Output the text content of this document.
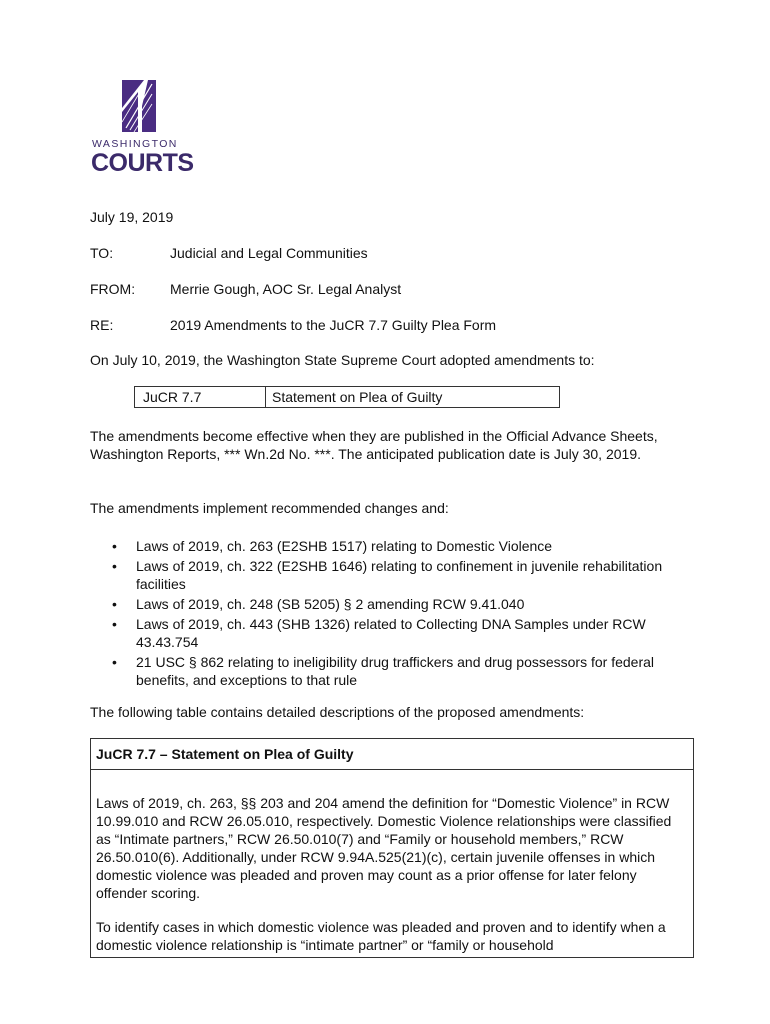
WASHINGTON
COURTS
July 19, 2019
TO:	Judicial and Legal Communities
FROM: Merrie Gough, AOC Sr. Legal Analyst
RE:	2019 Amendments to the JuCR 7.7 Guilty Plea Form
On July 10, 2019, the Washington State Supreme Court adopted amendments to:
JuCR 7.7	Statement on Plea of Guilty
The amendments become effective when they are published in the Official Advance Sheets, Washington Reports, *** Wn.2d No. ***. The anticipated publication date is July 30, 2019.
The amendments implement recommended changes and:
• Laws of 2019, ch. 263 (E2SHB 1517) relating to Domestic Violence
• Laws of 2019, ch. 322 (E2SHB 1646) relating to confinement in juvenile rehabilitation facilities
• Laws of 2019, ch. 248 (SB 5205) § 2 amending RCW 9.41.040
• Laws of 2019, ch. 443 (SHB 1326) related to Collecting DNA Samples under RCW 43.43.754
• 21 USC § 862 relating to ineligibility drug traffickers and drug possessors for federal benefits, and exceptions to that rule
The following table contains detailed descriptions of the proposed amendments:
JuCR 7.7 – Statement on Plea of Guilty

Laws of 2019, ch. 263, §§ 203 and 204 amend the definition for “Domestic Violence” in RCW 10.99.010 and RCW 26.05.010, respectively. Domestic Violence relationships were classified as “Intimate partners,” RCW 26.50.010(7) and “Family or household members,” RCW 26.50.010(6). Additionally, under RCW 9.94A.525(21)(c), certain juvenile offenses in which domestic violence was pleaded and proven may count as a prior offense for later felony offender scoring.

To identify cases in which domestic violence was pleaded and proven and to identify when a domestic violence relationship is “intimate partner” or “family or household
